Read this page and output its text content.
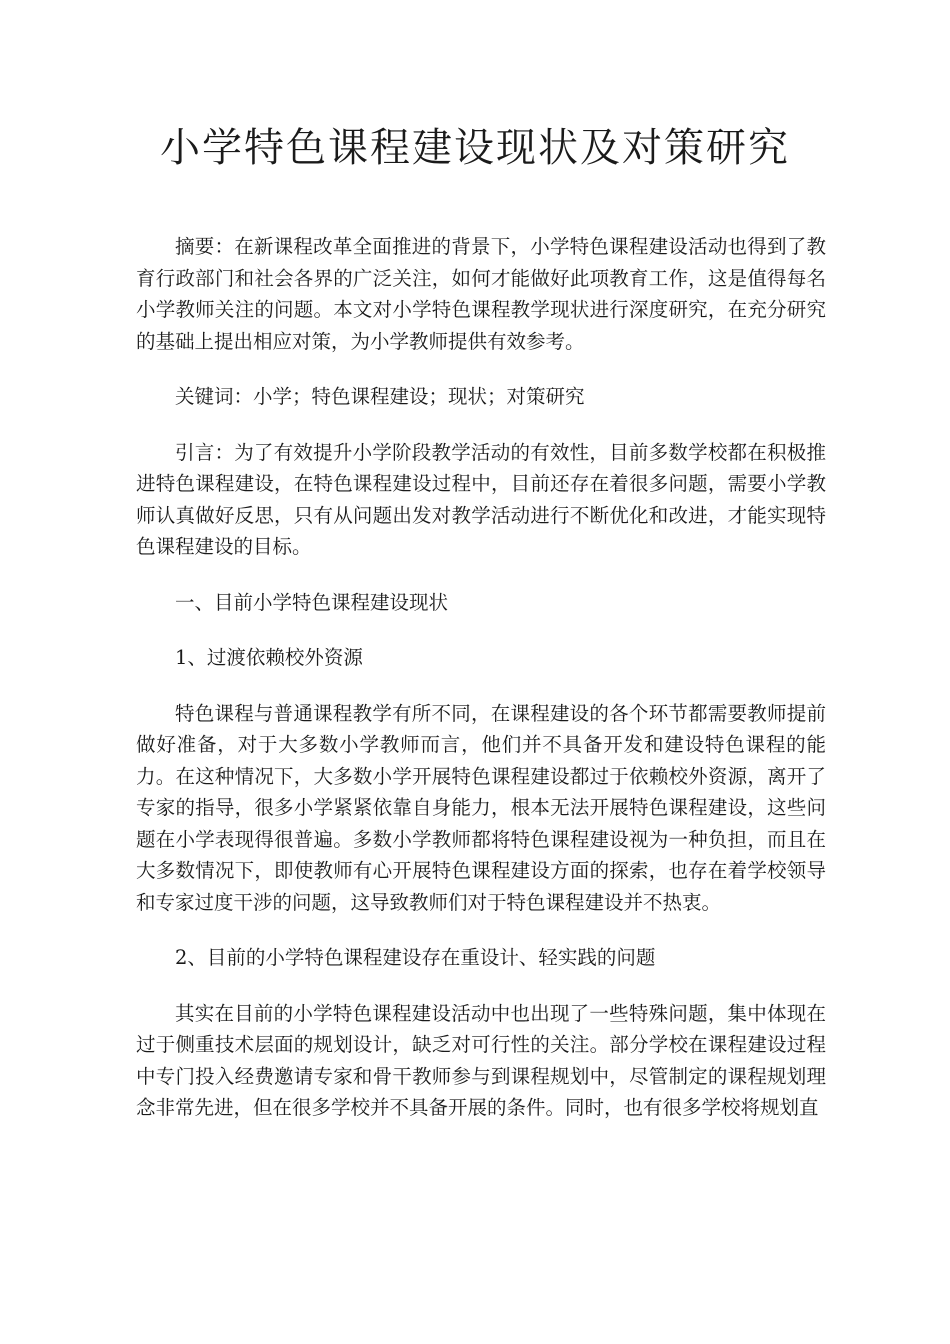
小学特色课程建设现状及对策研究

摘要：在新课程改革全面推进的背景下，小学特色课程建设活动也得到了教育行政部门和社会各界的广泛关注，如何才能做好此项教育工作，这是值得每名小学教师关注的问题。本文对小学特色课程教学现状进行深度研究，在充分研究的基础上提出相应对策，为小学教师提供有效参考。

关键词：小学；特色课程建设；现状；对策研究

引言：为了有效提升小学阶段教学活动的有效性，目前多数学校都在积极推进特色课程建设，在特色课程建设过程中，目前还存在着很多问题，需要小学教师认真做好反思，只有从问题出发对教学活动进行不断优化和改进，才能实现特色课程建设的目标。

一、目前小学特色课程建设现状

1、过渡依赖校外资源

特色课程与普通课程教学有所不同，在课程建设的各个环节都需要教师提前做好准备，对于大多数小学教师而言，他们并不具备开发和建设特色课程的能力。在这种情况下，大多数小学开展特色课程建设都过于依赖校外资源，离开了专家的指导，很多小学紧紧依靠自身能力，根本无法开展特色课程建设，这些问题在小学表现得很普遍。多数小学教师都将特色课程建设视为一种负担，而且在大多数情况下，即使教师有心开展特色课程建设方面的探索，也存在着学校领导和专家过度干涉的问题，这导致教师们对于特色课程建设并不热衷。

2、目前的小学特色课程建设存在重设计、轻实践的问题

其实在目前的小学特色课程建设活动中也出现了一些特殊问题，集中体现在过于侧重技术层面的规划设计，缺乏对可行性的关注。部分学校在课程建设过程中专门投入经费邀请专家和骨干教师参与到课程规划中，尽管制定的课程规划理念非常先进，但在很多学校并不具备开展的条件。同时，也有很多学校将规划直
